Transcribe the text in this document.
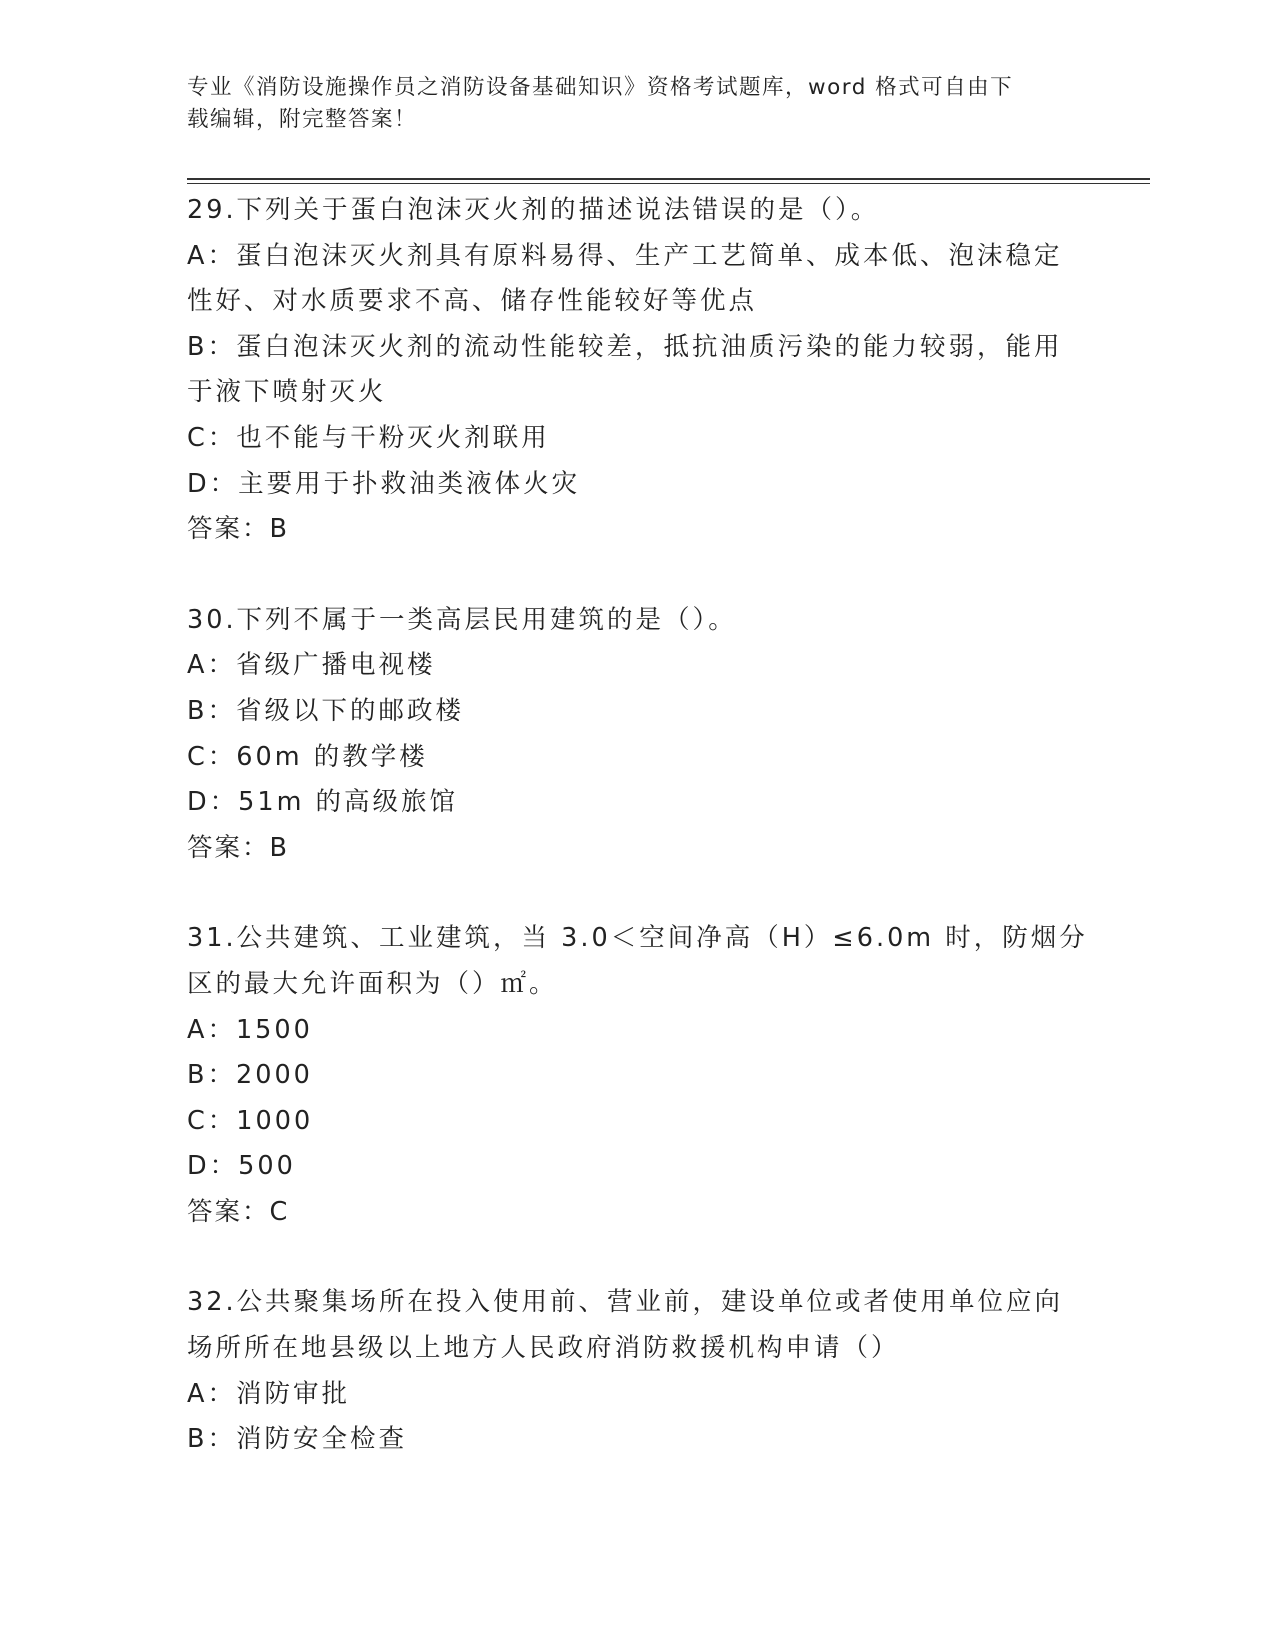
专业《消防设施操作员之消防设备基础知识》资格考试题库，word 格式可自由下
载编辑，附完整答案！
29.下列关于蛋白泡沫灭火剂的描述说法错误的是（）。
A：蛋白泡沫灭火剂具有原料易得、生产工艺简单、成本低、泡沫稳定
性好、对水质要求不高、储存性能较好等优点
B：蛋白泡沫灭火剂的流动性能较差，抵抗油质污染的能力较弱，能用
于液下喷射灭火
C：也不能与干粉灭火剂联用
D：主要用于扑救油类液体火灾
答案：B
30.下列不属于一类高层民用建筑的是（）。
A：省级广播电视楼
B：省级以下的邮政楼
C：60m 的教学楼
D：51m 的高级旅馆
答案：B
31.公共建筑、工业建筑，当 3.0＜空间净高（H）≤6.0m 时，防烟分
区的最大允许面积为（）㎡。
A：1500
B：2000
C：1000
D：500
答案：C
32.公共聚集场所在投入使用前、营业前，建设单位或者使用单位应向
场所所在地县级以上地方人民政府消防救援机构申请（）
A：消防审批
B：消防安全检查
